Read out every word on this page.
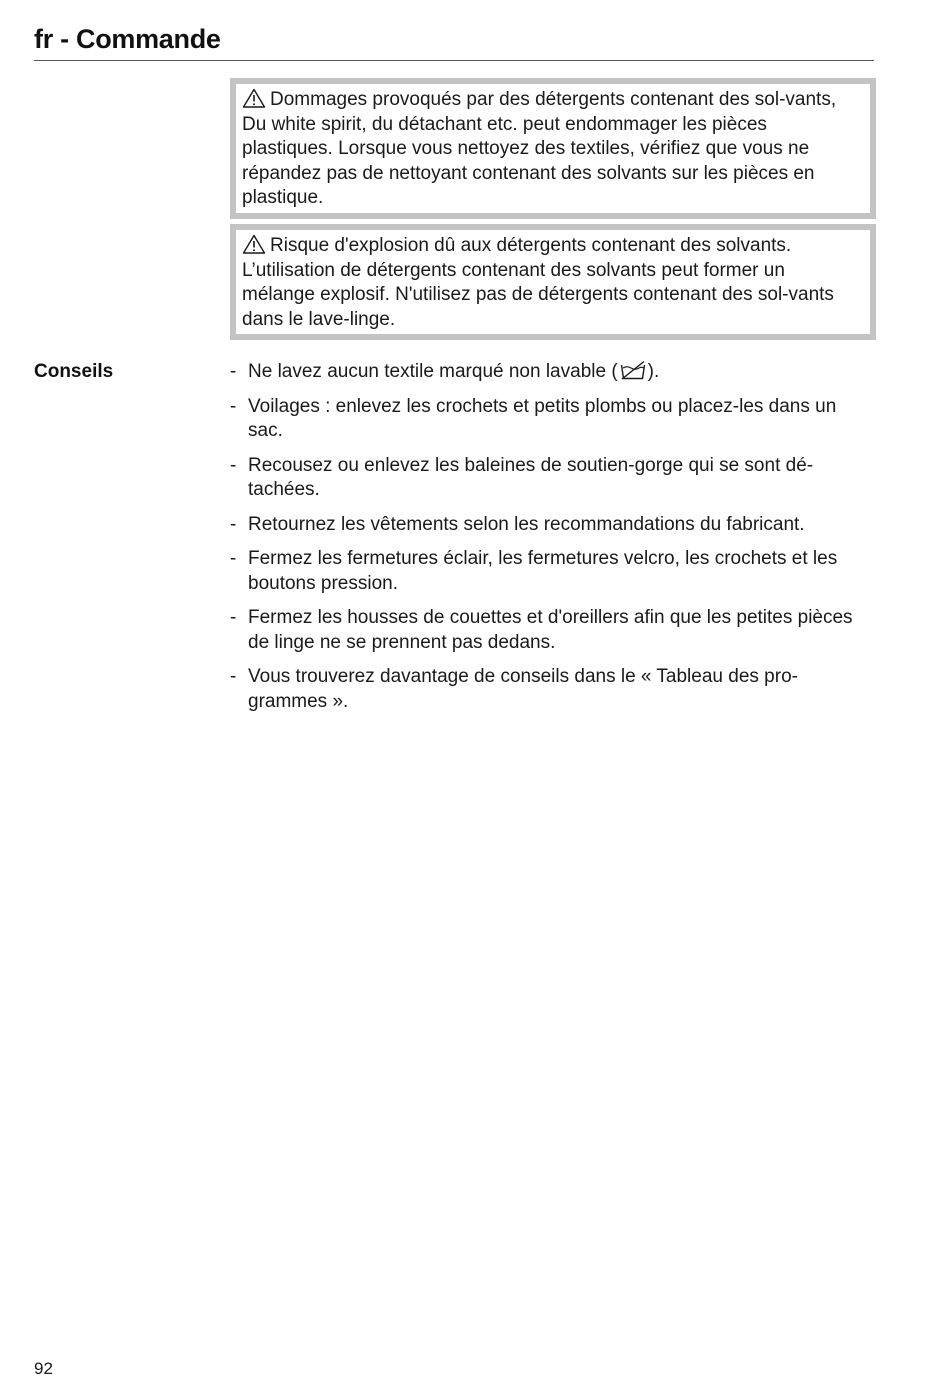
fr - Commande
Dommages provoqués par des détergents contenant des sol-vants, Du white spirit, du détachant etc. peut endommager les pièces plastiques. Lorsque vous nettoyez des textiles, vérifiez que vous ne répandez pas de nettoyant contenant des solvants sur les pièces en plastique.
Risque d'explosion dû aux détergents contenant des solvants. L’utilisation de détergents contenant des solvants peut former un mélange explosif. N'utilisez pas de détergents contenant des sol-vants dans le lave-linge.
Conseils	- Ne lavez aucun textile marqué non lavable ( ).
- Voilages : enlevez les crochets et petits plombs ou placez-les dans un sac.
- Recousez ou enlevez les baleines de soutien-gorge qui se sont dé-tachées.
- Retournez les vêtements selon les recommandations du fabricant.
- Fermez les fermetures éclair, les fermetures velcro, les crochets et les boutons pression.
- Fermez les housses de couettes et d'oreillers afin que les petites pièces de linge ne se prennent pas dedans.
- Vous trouverez davantage de conseils dans le « Tableau des pro-grammes ».
92
